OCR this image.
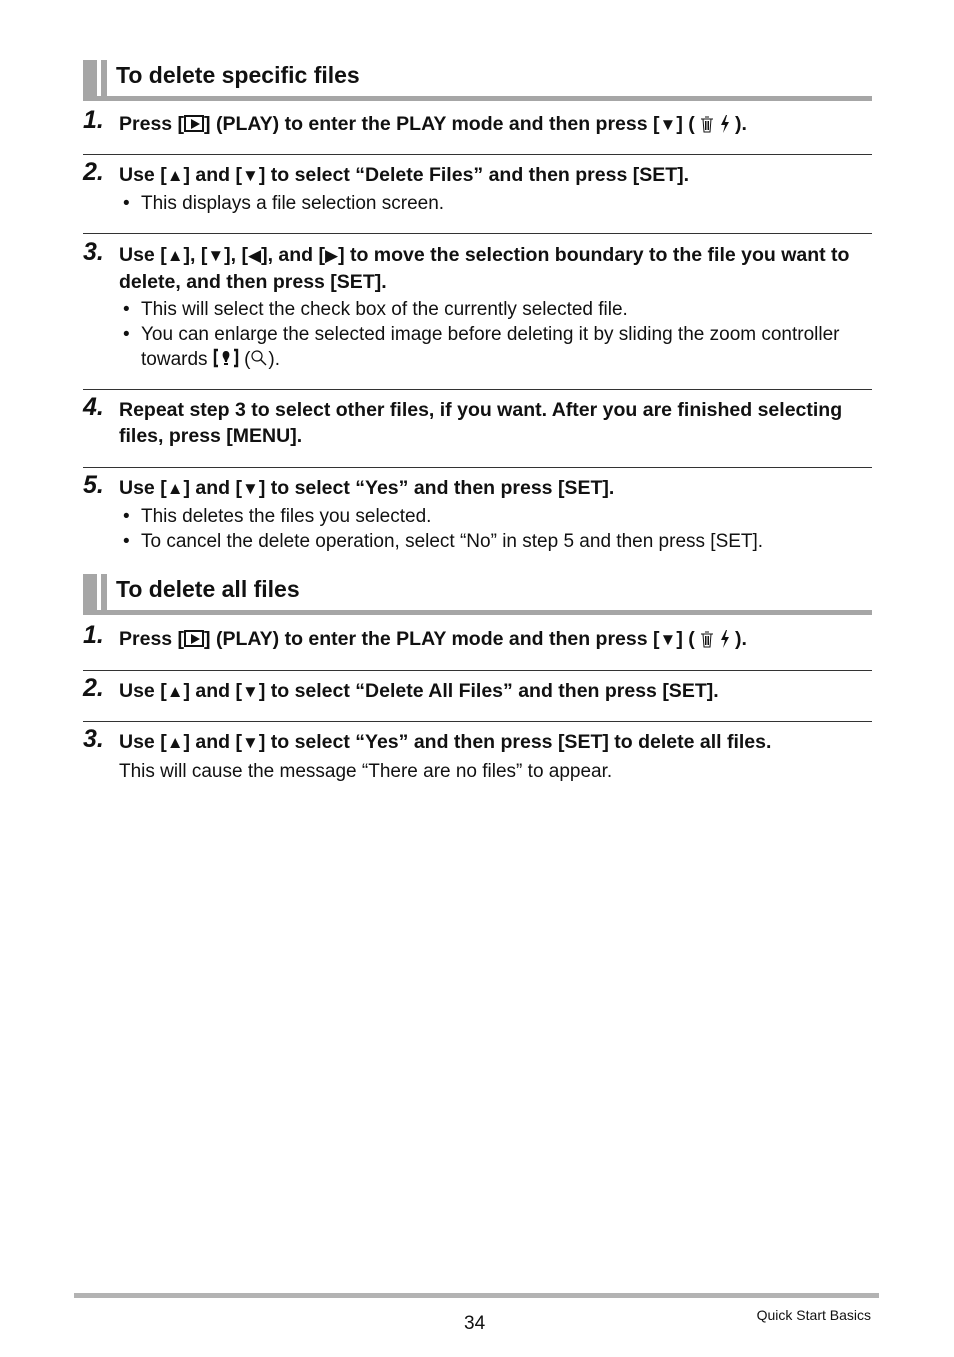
To delete specific files
1. Press [ ] (PLAY) to enter the PLAY mode and then press [▼] (   ).
2. Use [▲] and [▼] to select “Delete Files” and then press [SET].
• This displays a file selection screen.
3. Use [▲], [▼], [◀], and [▶] to move the selection boundary to the file you want to delete, and then press [SET].
• This will select the check box of the currently selected file.
• You can enlarge the selected image before deleting it by sliding the zoom controller towards ( ).
4. Repeat step 3 to select other files, if you want. After you are finished selecting files, press [MENU].
5. Use [▲] and [▼] to select “Yes” and then press [SET].
• This deletes the files you selected.
• To cancel the delete operation, select “No” in step 5 and then press [SET].
To delete all files
1. Press [ ] (PLAY) to enter the PLAY mode and then press [▼] (   ).
2. Use [▲] and [▼] to select “Delete All Files” and then press [SET].
3. Use [▲] and [▼] to select “Yes” and then press [SET] to delete all files.
This will cause the message “There are no files” to appear.
34	Quick Start Basics
